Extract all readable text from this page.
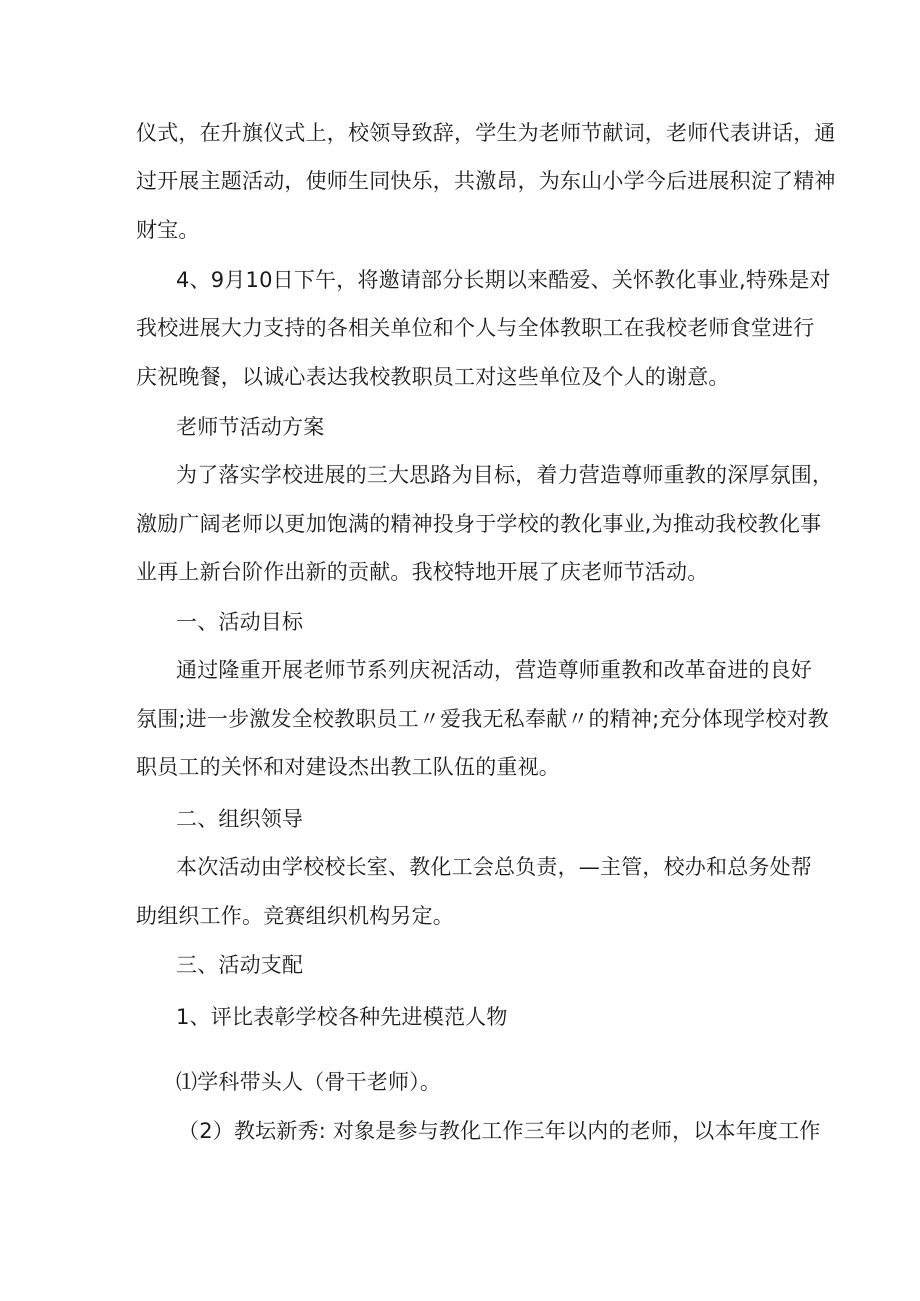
仪式，在升旗仪式上，校领导致辞，学生为老师节献词，老师代表讲话，通
过开展主题活动，使师生同快乐，共激昂，为东山小学今后进展积淀了精神
财宝。
4、9月10日下午，将邀请部分长期以来酷爱、关怀教化事业,特殊是对
我校进展大力支持的各相关单位和个人与全体教职工在我校老师食堂进行
庆祝晚餐，以诚心表达我校教职员工对这些单位及个人的谢意。
老师节活动方案
为了落实学校进展的三大思路为目标，着力营造尊师重教的深厚氛围，
激励广阔老师以更加饱满的精神投身于学校的教化事业,为推动我校教化事
业再上新台阶作出新的贡献。我校特地开展了庆老师节活动。
一、活动目标
通过隆重开展老师节系列庆祝活动，营造尊师重教和改革奋进的良好
氛围;进一步激发全校教职员工〃爱我无私奉献〃的精神;充分体现学校对教
职员工的关怀和对建设杰出教工队伍的重视。
二、组织领导
本次活动由学校校长室、教化工会总负责，—主管，校办和总务处帮
助组织工作。竞赛组织机构另定。
三、活动支配
1、评比表彰学校各种先进模范人物
⑴学科带头人（骨干老师）。
（2）教坛新秀: 对象是参与教化工作三年以内的老师，以本年度工作
